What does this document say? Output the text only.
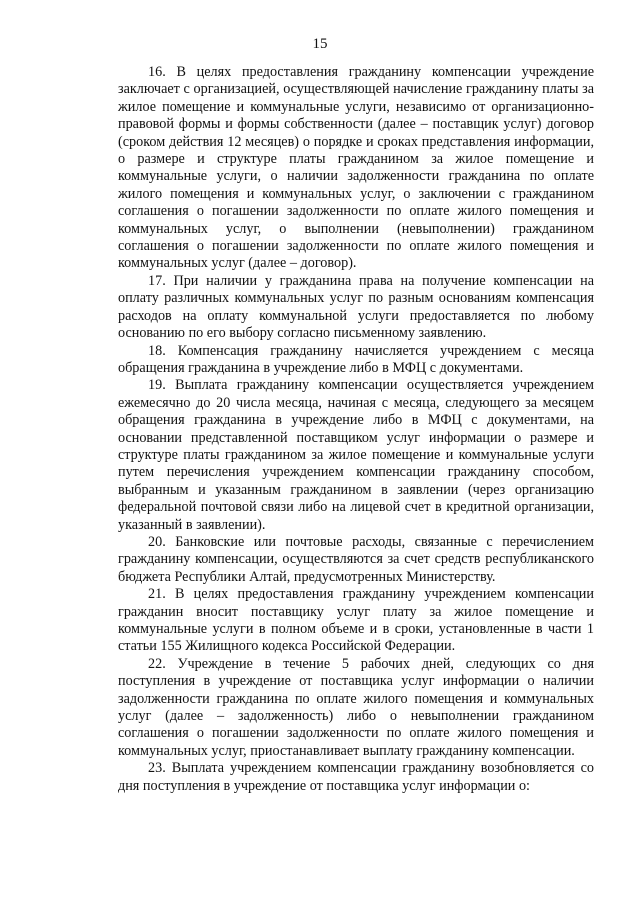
15

16. В целях предоставления гражданину компенсации учреждение заключает с организацией, осуществляющей начисление гражданину платы за жилое помещение и коммунальные услуги, независимо от организационно-правовой формы и формы собственности (далее – поставщик услуг) договор (сроком действия 12 месяцев) о порядке и сроках представления информации, о размере и структуре платы гражданином за жилое помещение и коммунальные услуги, о наличии задолженности гражданина по оплате жилого помещения и коммунальных услуг, о заключении с гражданином соглашения о погашении задолженности по оплате жилого помещения и коммунальных услуг, о выполнении (невыполнении) гражданином соглашения о погашении задолженности по оплате жилого помещения и коммунальных услуг (далее – договор).

17. При наличии у гражданина права на получение компенсации на оплату различных коммунальных услуг по разным основаниям компенсация расходов на оплату коммунальной услуги предоставляется по любому основанию по его выбору согласно письменному заявлению.

18. Компенсация гражданину начисляется учреждением с месяца обращения гражданина в учреждение либо в МФЦ с документами.

19. Выплата гражданину компенсации осуществляется учреждением ежемесячно до 20 числа месяца, начиная с месяца, следующего за месяцем обращения гражданина в учреждение либо в МФЦ с документами, на основании представленной поставщиком услуг информации о размере и структуре платы гражданином за жилое помещение и коммунальные услуги путем перечисления учреждением компенсации гражданину способом, выбранным и указанным гражданином в заявлении (через организацию федеральной почтовой связи либо на лицевой счет в кредитной организации, указанный в заявлении).

20. Банковские или почтовые расходы, связанные с перечислением гражданину компенсации, осуществляются за счет средств республиканского бюджета Республики Алтай, предусмотренных Министерству.

21. В целях предоставления гражданину учреждением компенсации гражданин вносит поставщику услуг плату за жилое помещение и коммунальные услуги в полном объеме и в сроки, установленные в части 1 статьи 155 Жилищного кодекса Российской Федерации.

22. Учреждение в течение 5 рабочих дней, следующих со дня поступления в учреждение от поставщика услуг информации о наличии задолженности гражданина по оплате жилого помещения и коммунальных услуг (далее – задолженность) либо о невыполнении гражданином соглашения о погашении задолженности по оплате жилого помещения и коммунальных услуг, приостанавливает выплату гражданину компенсации.

23. Выплата учреждением компенсации гражданину возобновляется со дня поступления в учреждение от поставщика услуг информации о:
